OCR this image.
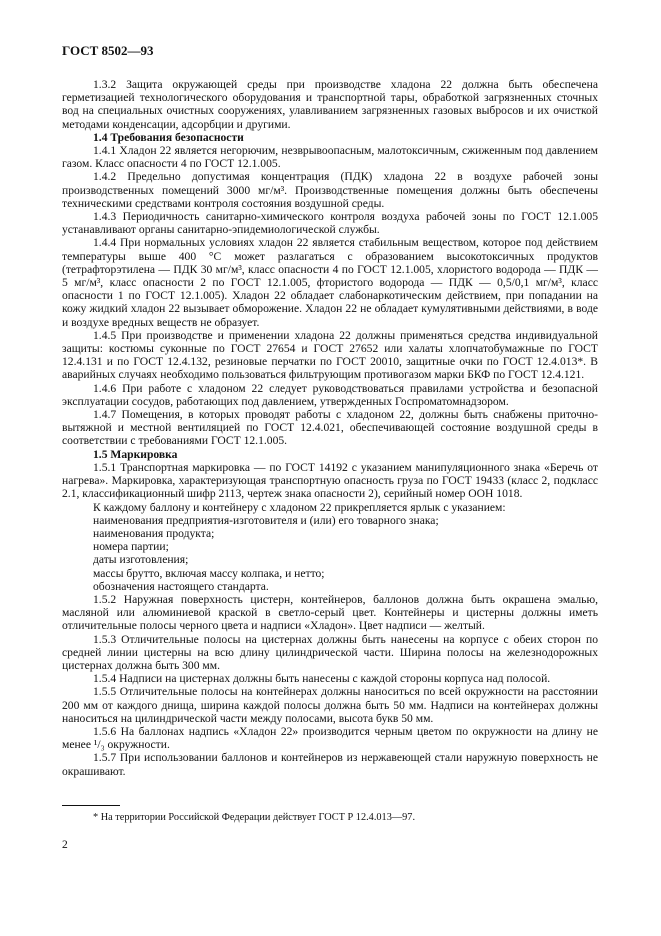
ГОСТ 8502—93

1.3.2 Защита окружающей среды при производстве хладона 22 должна быть обеспечена герметизацией технологического оборудования и транспортной тары, обработкой загрязненных сточных вод на специальных очистных сооружениях, улавливанием загрязненных газовых выбросов и их очисткой методами конденсации, адсорбции и другими.

1.4 Требования безопасности

1.4.1 Хладон 22 является негорючим, незврывоопасным, малотоксичным, сжиженным под давлением газом. Класс опасности 4 по ГОСТ 12.1.005.

1.4.2 Предельно допустимая концентрация (ПДК) хладона 22 в воздухе рабочей зоны производственных помещений 3000 мг/м³. Производственные помещения должны быть обеспечены техническими средствами контроля состояния воздушной среды.

1.4.3 Периодичность санитарно-химического контроля воздуха рабочей зоны по ГОСТ 12.1.005 устанавливают органы санитарно-эпидемиологической службы.

1.4.4 При нормальных условиях хладон 22 является стабильным веществом, которое под действием температуры выше 400 °С может разлагаться с образованием высокотоксичных продуктов (тетрафторэтилена — ПДК 30 мг/м³, класс опасности 4 по ГОСТ 12.1.005, хлористого водорода — ПДК — 5 мг/м³, класс опасности 2 по ГОСТ 12.1.005, фтористого водорода — ПДК — 0,5/0,1 мг/м³, класс опасности 1 по ГОСТ 12.1.005). Хладон 22 обладает слабонаркотическим действием, при попадании на кожу жидкий хладон 22 вызывает обморожение. Хладон 22 не обладает кумулятивными действиями, в воде и воздухе вредных веществ не образует.

1.4.5 При производстве и применении хладона 22 должны применяться средства индивидуальной защиты: костюмы суконные по ГОСТ 27654 и ГОСТ 27652 или халаты хлопчатобумажные по ГОСТ 12.4.131 и по ГОСТ 12.4.132, резиновые перчатки по ГОСТ 20010, защитные очки по ГОСТ 12.4.013*. В аварийных случаях необходимо пользоваться фильтрующим противогазом марки БКФ по ГОСТ 12.4.121.

1.4.6 При работе с хладоном 22 следует руководствоваться правилами устройства и безопасной эксплуатации сосудов, работающих под давлением, утвержденных Госпроматомнадзором.

1.4.7 Помещения, в которых проводят работы с хладоном 22, должны быть снабжены приточно-вытяжной и местной вентиляцией по ГОСТ 12.4.021, обеспечивающей состояние воздушной среды в соответствии с требованиями ГОСТ 12.1.005.

1.5 Маркировка

1.5.1 Транспортная маркировка — по ГОСТ 14192 с указанием манипуляционного знака «Беречь от нагрева». Маркировка, характеризующая транспортную опасность груза по ГОСТ 19433 (класс 2, подкласс 2.1, классификационный шифр 2113, чертеж знака опасности 2), серийный номер ООН 1018.

К каждому баллону и контейнеру с хладоном 22 прикрепляется ярлык с указанием:

наименования предприятия-изготовителя и (или) его товарного знака;

наименования продукта;

номера партии;

даты изготовления;

массы брутто, включая массу колпака, и нетто;

обозначения настоящего стандарта.

1.5.2 Наружная поверхность цистерн, контейнеров, баллонов должна быть окрашена эмалью, масляной или алюминиевой краской в светло-серый цвет. Контейнеры и цистерны должны иметь отличительные полосы черного цвета и надписи «Хладон». Цвет надписи — желтый.

1.5.3 Отличительные полосы на цистернах должны быть нанесены на корпусе с обеих сторон по средней линии цистерны на всю длину цилиндрической части. Ширина полосы на железнодорожных цистернах должна быть 300 мм.

1.5.4 Надписи на цистернах должны быть нанесены с каждой стороны корпуса над полосой.

1.5.5 Отличительные полосы на контейнерах должны наноситься по всей окружности на расстоянии 200 мм от каждого днища, ширина каждой полосы должна быть 50 мм. Надписи на контейнерах должны наноситься на цилиндрической части между полосами, высота букв 50 мм.

1.5.6 На баллонах надпись «Хладон 22» производится черным цветом по окружности на длину не менее ¹/₃ окружности.

1.5.7 При использовании баллонов и контейнеров из нержавеющей стали наружную поверхность не окрашивают.

* На территории Российской Федерации действует ГОСТ Р 12.4.013—97.
2
